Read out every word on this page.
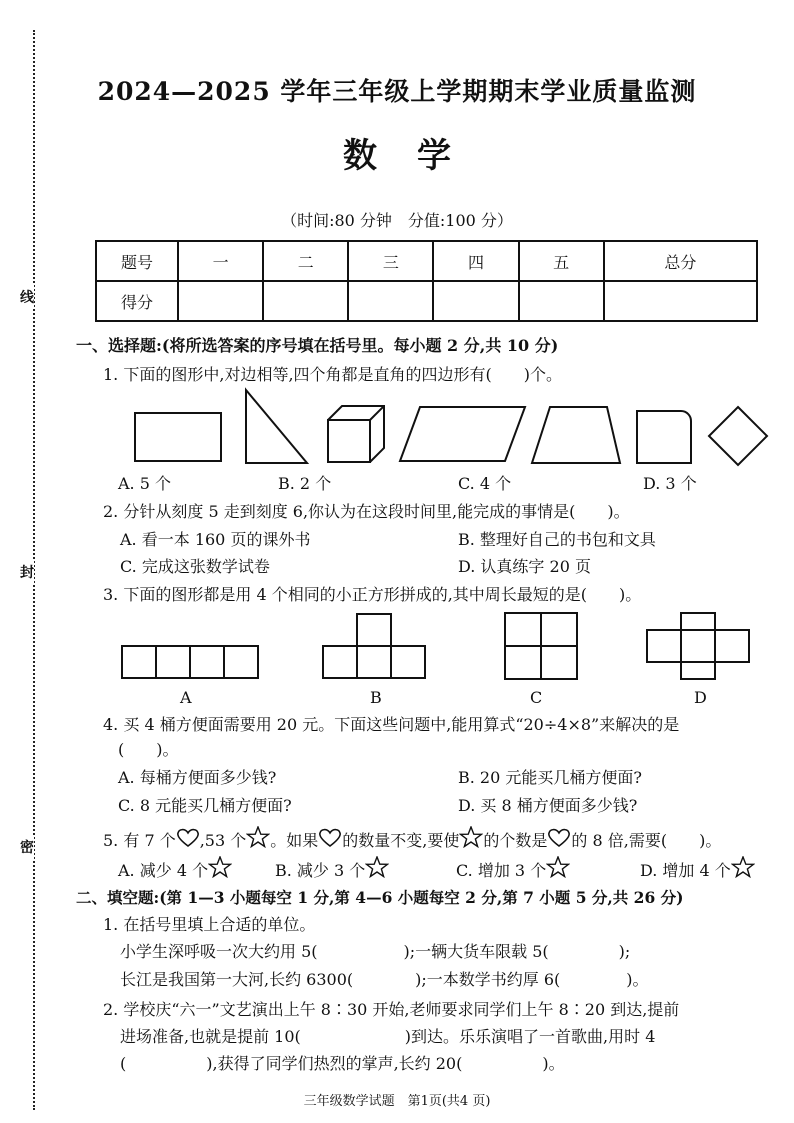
线
封
密
2024—2025 学年三年级上学期期末学业质量监测
数学
（时间:80 分钟　分值:100 分）
题号	一	二	三	四	五	总分
得分						
一、选择题:(将所选答案的序号填在括号里。每小题 2 分,共 10 分)
1. 下面的图形中,对边相等,四个角都是直角的四边形有(　　)个。
A. 5 个	B. 2 个	C. 4 个	D. 3 个
2. 分针从刻度 5 走到刻度 6,你认为在这段时间里,能完成的事情是(　　)。
A. 看一本 160 页的课外书	B. 整理好自己的书包和文具
C. 完成这张数学试卷	D. 认真练字 20 页
3. 下面的图形都是用 4 个相同的小正方形拼成的,其中周长最短的是(　　)。
A	B	C	D
4. 买 4 桶方便面需要用 20 元。下面这些问题中,能用算式“20÷4×8”来解决的是
(　　)。
A. 每桶方便面多少钱?	B. 20 元能买几桶方便面?
C. 8 元能买几桶方便面?	D. 买 8 桶方便面多少钱?
5. 有 7 个 ,53 个 。如果 的数量不变,要使 的个数是 的 8 倍,需要(　　)。
A. 减少 4 个	B. 减少 3 个	C. 增加 3 个	D. 增加 4 个
二、填空题:(第 1—3 小题每空 1 分,第 4—6 小题每空 2 分,第 7 小题 5 分,共 26 分)
1. 在括号里填上合适的单位。
小学生深呼吸一次大约用 5(	);一辆大货车限载 5(	);
长江是我国第一大河,长约 6300(	);一本数学书约厚 6(	)。
2. 学校庆“六一”文艺演出上午 8∶30 开始,老师要求同学们上午 8∶20 到达,提前
进场准备,也就是提前 10(	)到达。乐乐演唱了一首歌曲,用时 4
(	),获得了同学们热烈的掌声,长约 20(	)。
三年级数学试题　第1页(共4 页)
